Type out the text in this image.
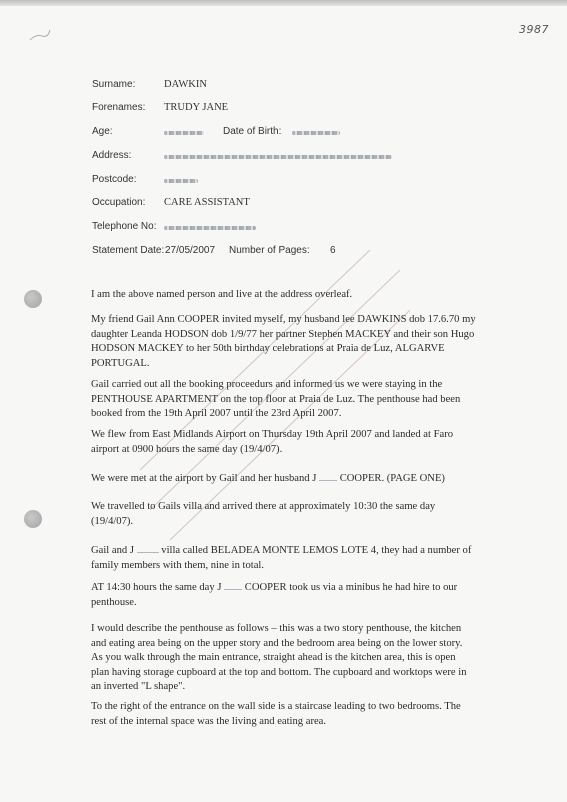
3987
Surname:	DAWKIN
Forenames: TRUDY JANE
Age:	Date of Birth:
Address:
Postcode:
Occupation: CARE ASSISTANT
Telephone No:
Statement Date: 27/05/2007 Number of Pages: 6

I am the above named person and live at the address overleaf.

My friend Gail Ann COOPER invited myself, my husband lee DAWKINS dob 17.6.70 my daughter Leanda HODSON dob 1/9/77 her partner Stephen MACKEY and their son Hugo HODSON MACKEY to her 50th birthday celebrations at Praia de Luz, ALGARVE PORTUGAL.

Gail carried out all the booking proceedurs and informed us we were staying in the PENTHOUSE APARTMENT on the top floor at Praia de Luz. The penthouse had been booked from the 19th April 2007 until the 23rd April 2007.

We flew from East Midlands Airport on Thursday 19th April 2007 and landed at Faro airport at 0900 hours the same day (19/4/07).

We were met at the airport by Gail and her husband J COOPER. (PAGE ONE)

We travelled to Gails villa and arrived there at approximately 10:30 the same day (19/4/07).

Gail and J	villa called BELADEA MONTE LEMOS LOTE 4, they had a number of family members with them, nine in total.

AT 14:30 hours the same day J COOPER took us via a minibus he had hire to our penthouse.

I would describe the penthouse as follows – this was a two story penthouse, the kitchen and eating area being on the upper story and the bedroom area being on the lower story. As you walk through the main entrance, straight ahead is the kitchen area, this is open plan having storage cupboard at the top and bottom. The cupboard and worktops were in an inverted "L shape".

To the right of the entrance on the wall side is a staircase leading to two bedrooms. The rest of the internal space was the living and eating area.
